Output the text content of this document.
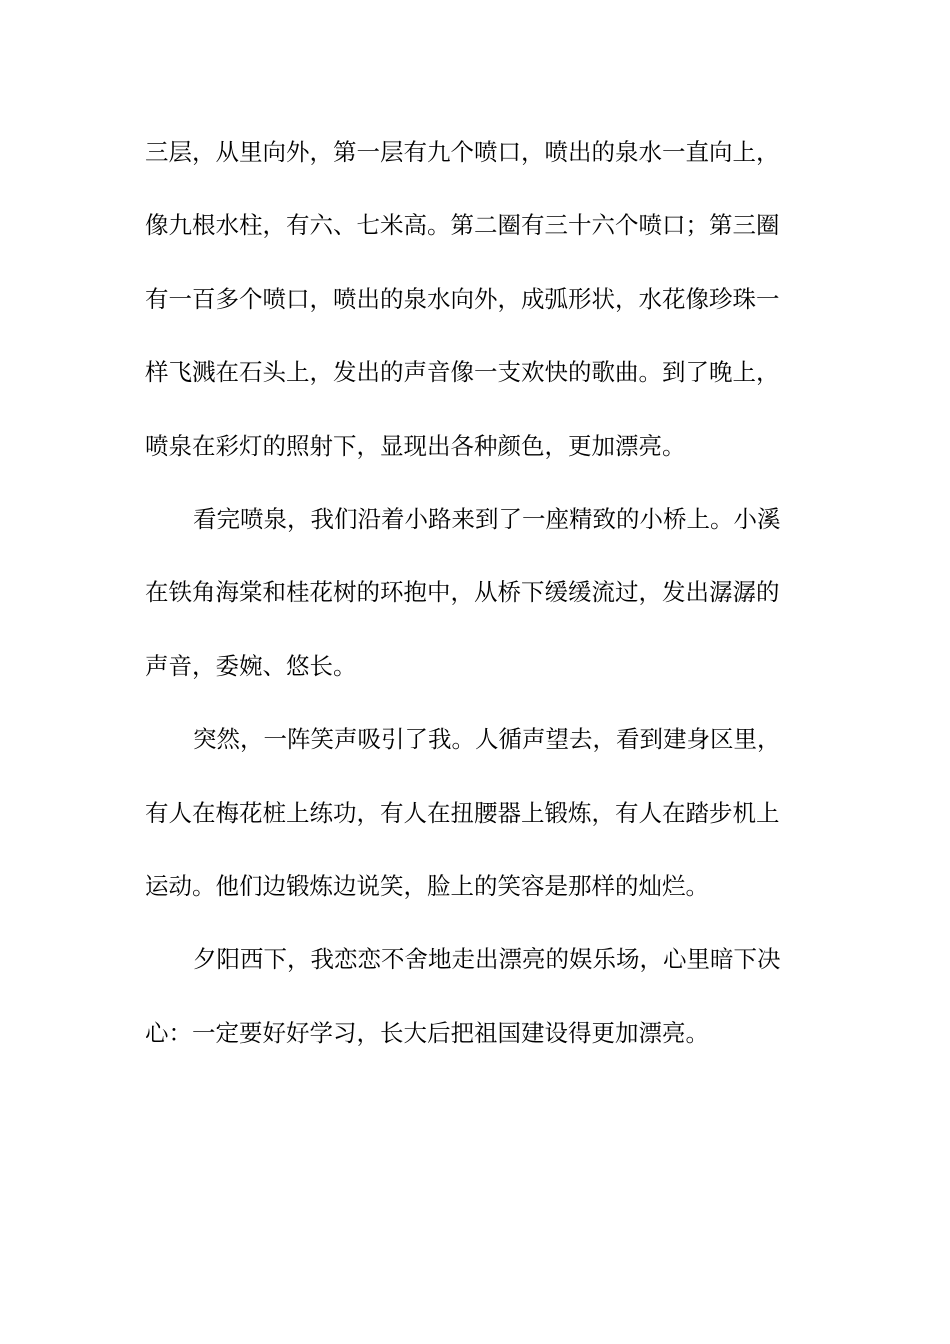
三层，从里向外，第一层有九个喷口，喷出的泉水一直向上，
像九根水柱，有六、七米高。第二圈有三十六个喷口；第三圈
有一百多个喷口，喷出的泉水向外，成弧形状，水花像珍珠一
样飞溅在石头上，发出的声音像一支欢快的歌曲。到了晚上，
喷泉在彩灯的照射下，显现出各种颜色，更加漂亮。
看完喷泉，我们沿着小路来到了一座精致的小桥上。小溪
在铁角海棠和桂花树的环抱中，从桥下缓缓流过，发出潺潺的
声音，委婉、悠长。
突然，一阵笑声吸引了我。人循声望去，看到建身区里，
有人在梅花桩上练功，有人在扭腰器上锻炼，有人在踏步机上
运动。他们边锻炼边说笑，脸上的笑容是那样的灿烂。
夕阳西下，我恋恋不舍地走出漂亮的娱乐场，心里暗下决
心：一定要好好学习，长大后把祖国建设得更加漂亮。
